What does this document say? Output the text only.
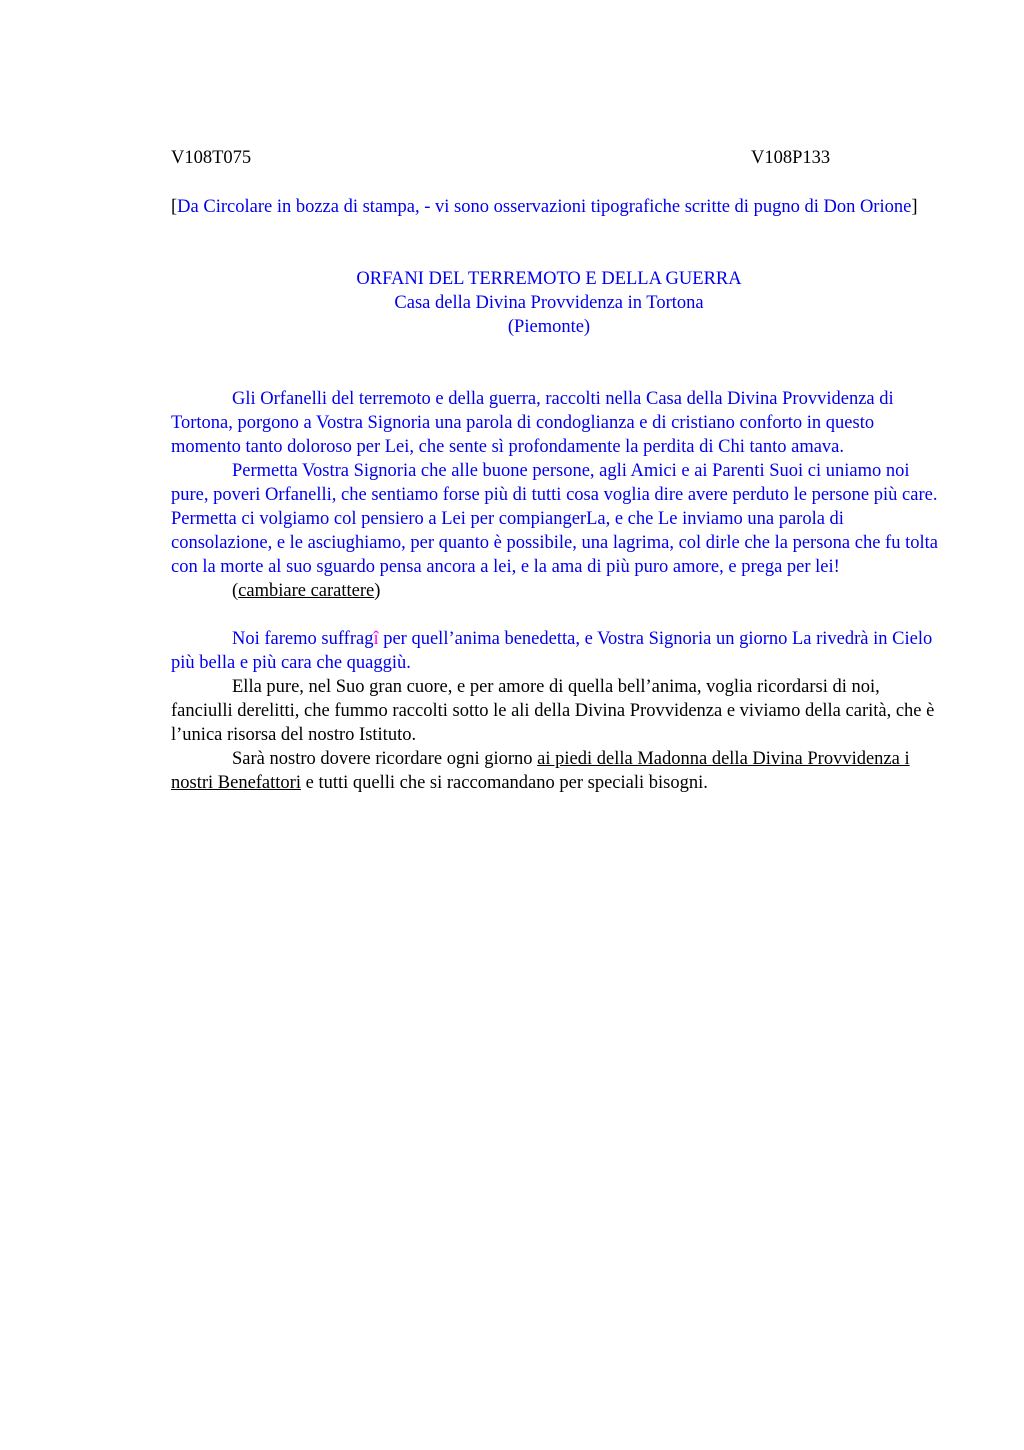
V108T075	V108P133
[Da Circolare in bozza di stampa, - vi sono osservazioni tipografiche scritte di pugno di Don Orione]
ORFANI DEL TERREMOTO E DELLA GUERRA
Casa della Divina Provvidenza in Tortona
(Piemonte)

Gli Orfanelli del terremoto e della guerra, raccolti nella Casa della Divina Provvidenza di Tortona, porgono a Vostra Signoria una parola di condoglianza e di cristiano conforto in questo momento tanto doloroso per Lei, che sente sì profondamente la perdita di Chi tanto amava.

Permetta Vostra Signoria che alle buone persone, agli Amici e ai Parenti Suoi ci uniamo noi pure, poveri Orfanelli, che sentiamo forse più di tutti cosa voglia dire avere perduto le persone più care. Permetta ci volgiamo col pensiero a Lei per compiangerLa, e che Le inviamo una parola di consolazione, e le asciughiamo, per quanto è possibile, una lagrima, col dirle che la persona che fu tolta con la morte al suo sguardo pensa ancora a lei, e la ama di più puro amore, e prega per lei!

(cambiare carattere)

Noi faremo suffragî per quell’anima benedetta, e Vostra Signoria un giorno La rivedrà in Cielo più bella e più cara che quaggiù.

Ella pure, nel Suo gran cuore, e per amore di quella bell’anima, voglia ricordarsi di noi, fanciulli derelitti, che fummo raccolti sotto le ali della Divina Provvidenza e viviamo della carità, che è l’unica risorsa del nostro Istituto.

Sarà nostro dovere ricordare ogni giorno ai piedi della Madonna della Divina Provvidenza i nostri Benefattori e tutti quelli che si raccomandano per speciali bisogni.
